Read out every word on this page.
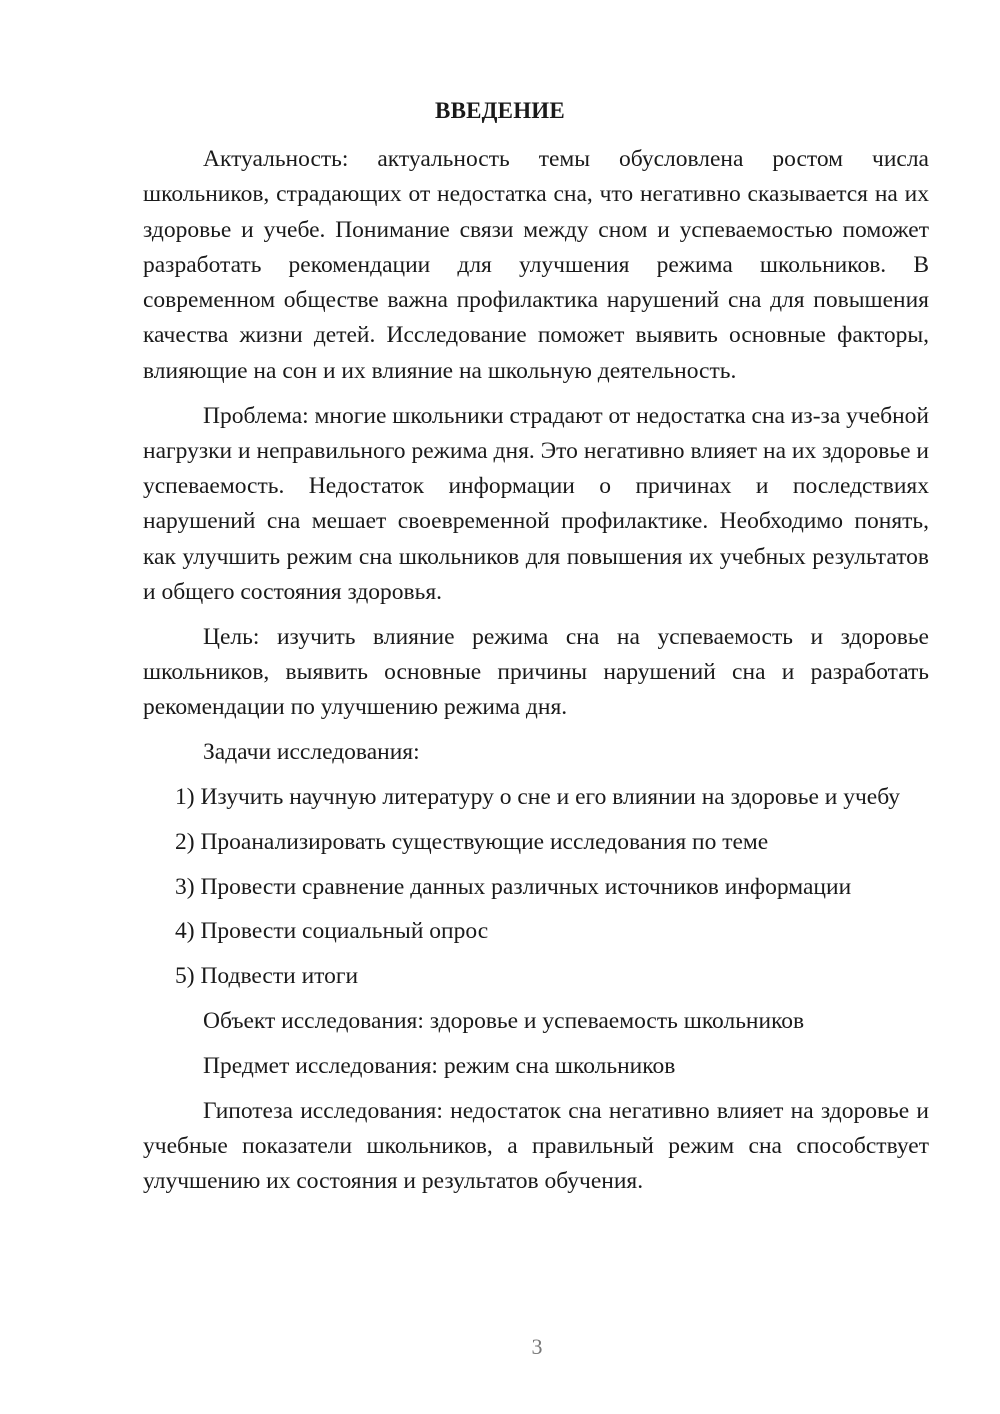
ВВЕДЕНИЕ

Актуальность: актуальность темы обусловлена ростом числа школьников, страдающих от недостатка сна, что негативно сказывается на их здоровье и учебе. Понимание связи между сном и успеваемостью поможет разработать рекомендации для улучшения режима школьников. В современном обществе важна профилактика нарушений сна для повышения качества жизни детей. Исследование поможет выявить основные факторы, влияющие на сон и их влияние на школьную деятельность.

Проблема: многие школьники страдают от недостатка сна из-за учебной нагрузки и неправильного режима дня. Это негативно влияет на их здоровье и успеваемость. Недостаток информации о причинах и последствиях нарушений сна мешает своевременной профилактике. Необходимо понять, как улучшить режим сна школьников для повышения их учебных результатов и общего состояния здоровья.

Цель: изучить влияние режима сна на успеваемость и здоровье школьников, выявить основные причины нарушений сна и разработать рекомендации по улучшению режима дня.

Задачи исследования:

1) Изучить научную литературу о сне и его влиянии на здоровье и учебу

2) Проанализировать существующие исследования по теме

3) Провести сравнение данных различных источников информации

4) Провести социальный опрос

5) Подвести итоги

Объект исследования: здоровье и успеваемость школьников

Предмет исследования: режим сна школьников

Гипотеза исследования: недостаток сна негативно влияет на здоровье и учебные показатели школьников, а правильный режим сна способствует улучшению их состояния и результатов обучения.

3
